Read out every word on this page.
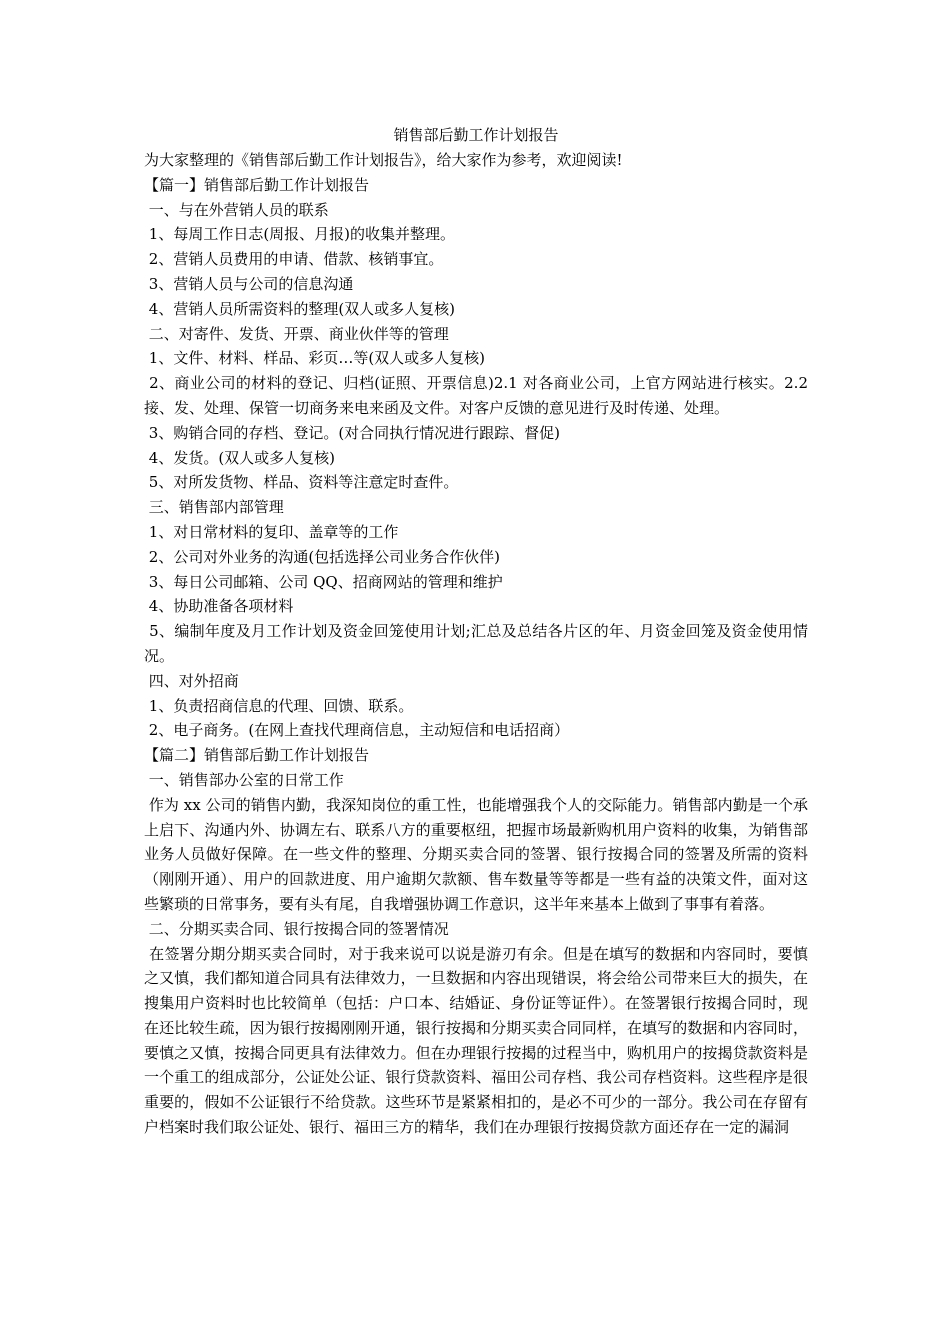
销售部后勤工作计划报告
为大家整理的《销售部后勤工作计划报告》，给大家作为参考，欢迎阅读!
【篇一】销售部后勤工作计划报告
一、与在外营销人员的联系
1、每周工作日志(周报、月报)的收集并整理。
2、营销人员费用的申请、借款、核销事宜。
3、营销人员与公司的信息沟通
4、营销人员所需资料的整理(双人或多人复核)
二、对寄件、发货、开票、商业伙伴等的管理
1、文件、材料、样品、彩页…等(双人或多人复核)
2、商业公司的材料的登记、归档(证照、开票信息)2.1 对各商业公司，上官方网站进行核实。2.2 接、发、处理、保管一切商务来电来函及文件。对客户反馈的意见进行及时传递、处理。
3、购销合同的存档、登记。(对合同执行情况进行跟踪、督促)
4、发货。(双人或多人复核)
5、对所发货物、样品、资料等注意定时查件。
三、销售部内部管理
1、对日常材料的复印、盖章等的工作
2、公司对外业务的沟通(包括选择公司业务合作伙伴)
3、每日公司邮箱、公司 QQ、招商网站的管理和维护
4、协助准备各项材料
5、编制年度及月工作计划及资金回笼使用计划;汇总及总结各片区的年、月资金回笼及资金使用情况。
四、对外招商
1、负责招商信息的代理、回馈、联系。
2、电子商务。(在网上查找代理商信息，主动短信和电话招商）
【篇二】销售部后勤工作计划报告
一、销售部办公室的日常工作
作为 xx 公司的销售内勤，我深知岗位的重工性，也能增强我个人的交际能力。销售部内勤是一个承上启下、沟通内外、协调左右、联系八方的重要枢纽，把握市场最新购机用户资料的收集，为销售部业务人员做好保障。在一些文件的整理、分期买卖合同的签署、银行按揭合同的签署及所需的资料（刚刚开通）、用户的回款进度、用户逾期欠款额、售车数量等等都是一些有益的决策文件，面对这些繁琐的日常事务，要有头有尾，自我增强协调工作意识，这半年来基本上做到了事事有着落。
二、分期买卖合同、银行按揭合同的签署情况
在签署分期分期买卖合同时，对于我来说可以说是游刃有余。但是在填写的数据和内容同时，要慎之又慎，我们都知道合同具有法律效力，一旦数据和内容出现错误，将会给公司带来巨大的损失，在搜集用户资料时也比较简单（包括：户口本、结婚证、身份证等证件）。在签署银行按揭合同时，现在还比较生疏，因为银行按揭刚刚开通，银行按揭和分期买卖合同同样，在填写的数据和内容同时，要慎之又慎，按揭合同更具有法律效力。但在办理银行按揭的过程当中，购机用户的按揭贷款资料是一个重工的组成部分，公证处公证、银行贷款资料、福田公司存档、我公司存档资料。这些程序是很重要的，假如不公证银行不给贷款。这些环节是紧紧相扣的，是必不可少的一部分。我公司在存留有户档案时我们取公证处、银行、福田三方的精华，我们在办理银行按揭贷款方面还存在一定的漏洞
